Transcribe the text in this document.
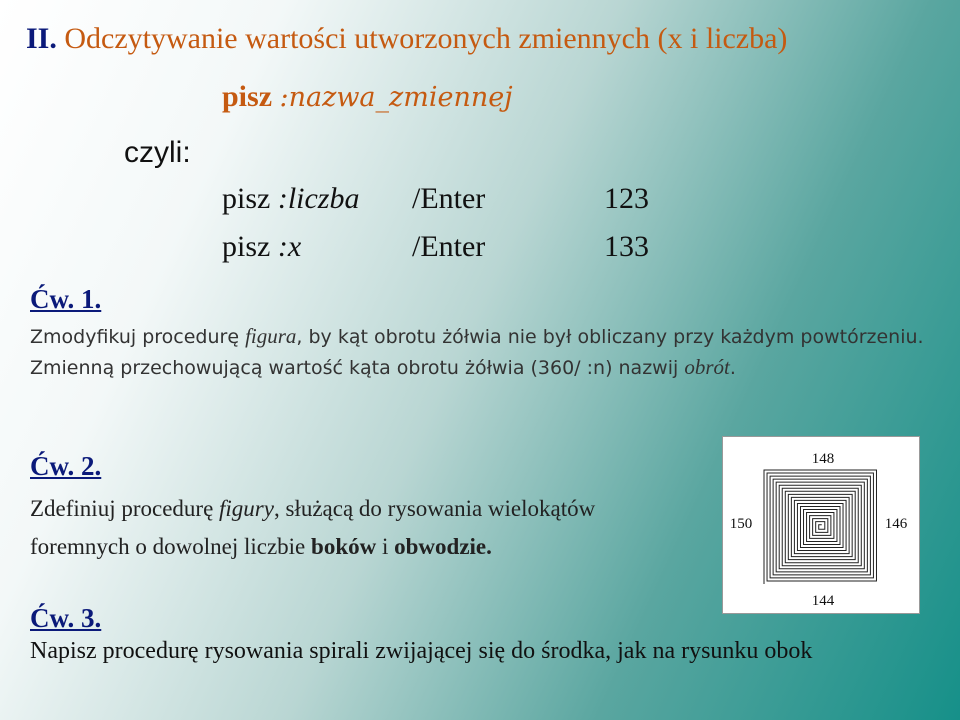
II. Odczytywanie wartości utworzonych zmiennych (x i liczba)
pisz :nazwa_zmiennej
czyli:
pisz :liczba /Enter	123
pisz :x	/Enter	133
Ćw. 1.
Zmodyfikuj procedurę figura, by kąt obrotu żółwia nie był obliczany przy każdym powtórzeniu. Zmienną przechowującą wartość kąta obrotu żółwia (360/ :n) nazwij obrót.
Ćw. 2.
Zdefiniuj procedurę figury, służącą do rysowania wielokątów
foremnych o dowolnej liczbie boków i obwodzie.
148
146
144
150
Ćw. 3.
Napisz procedurę rysowania spirali zwijającej się do środka, jak na rysunku obok
